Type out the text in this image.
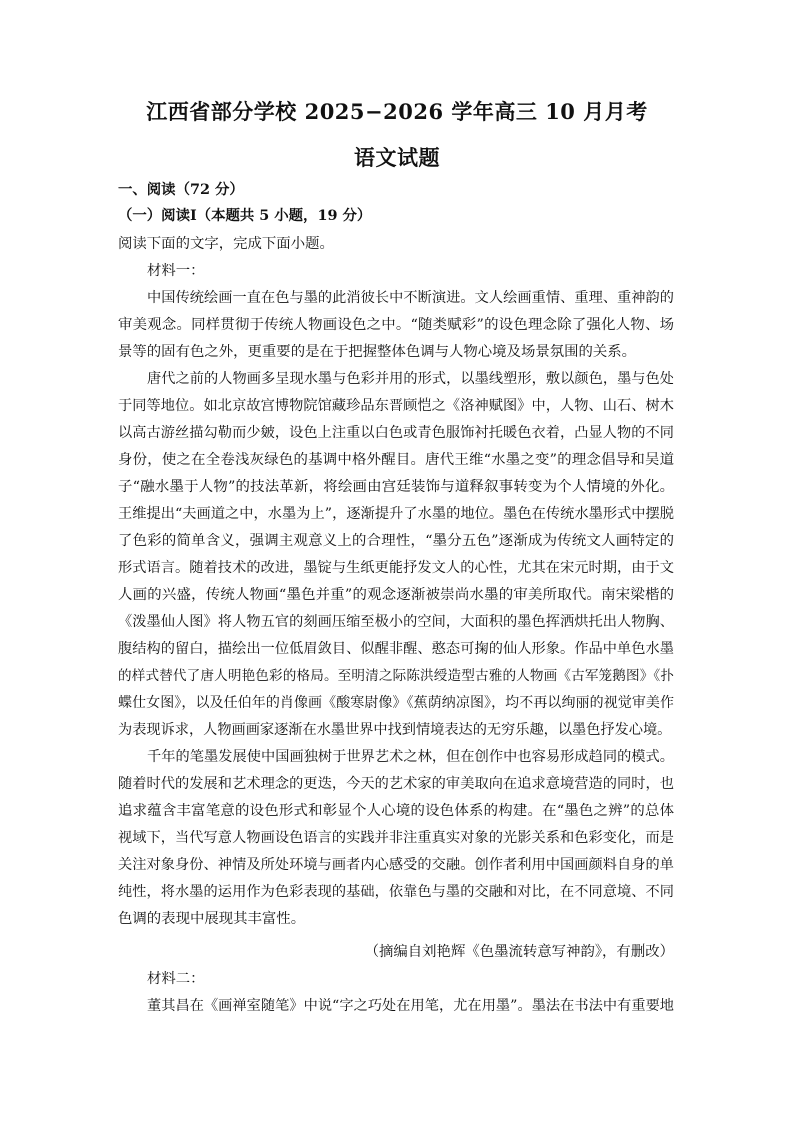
江西省部分学校 2025−2026 学年高三 10 月月考
语文试题
一、阅读（72 分）
（一）阅读Ⅰ（本题共 5 小题，19 分）
阅读下面的文字，完成下面小题。
材料一：
中国传统绘画一直在色与墨的此消彼长中不断演进。文人绘画重情、重理、重神韵的
审美观念。同样贯彻于传统人物画设色之中。“随类赋彩”的设色理念除了强化人物、场
景等的固有色之外，更重要的是在于把握整体色调与人物心境及场景氛围的关系。
唐代之前的人物画多呈现水墨与色彩并用的形式，以墨线塑形，敷以颜色，墨与色处
于同等地位。如北京故宫博物院馆藏珍品东晋顾恺之《洛神赋图》中，人物、山石、树木
以高古游丝描勾勒而少皴，设色上注重以白色或青色服饰衬托暖色衣着，凸显人物的不同
身份，使之在全卷浅灰绿色的基调中格外醒目。唐代王维“水墨之变”的理念倡导和吴道
子“融水墨于人物”的技法革新，将绘画由宫廷装饰与道释叙事转变为个人情境的外化。
王维提出“夫画道之中，水墨为上”，逐渐提升了水墨的地位。墨色在传统水墨形式中摆脱
了色彩的简单含义，强调主观意义上的合理性，“墨分五色”逐渐成为传统文人画特定的
形式语言。随着技术的改进，墨锭与生纸更能抒发文人的心性，尤其在宋元时期，由于文
人画的兴盛，传统人物画“墨色并重”的观念逐渐被崇尚水墨的审美所取代。南宋梁楷的
《泼墨仙人图》将人物五官的刻画压缩至极小的空间，大面积的墨色挥洒烘托出人物胸、
腹结构的留白，描绘出一位低眉敛目、似醒非醒、憨态可掬的仙人形象。作品中单色水墨
的样式替代了唐人明艳色彩的格局。至明清之际陈洪绶造型古雅的人物画《古军笼鹅图》《扑
蝶仕女图》，以及任伯年的肖像画《酸寒尉像》《蕉荫纳凉图》，均不再以绚丽的视觉审美作
为表现诉求，人物画画家逐渐在水墨世界中找到情境表达的无穷乐趣，以墨色抒发心境。
千年的笔墨发展使中国画独树于世界艺术之林，但在创作中也容易形成趋同的模式。
随着时代的发展和艺术理念的更迭，今天的艺术家的审美取向在追求意境营造的同时，也
追求蕴含丰富笔意的设色形式和彰显个人心境的设色体系的构建。在“墨色之辨”的总体
视域下，当代写意人物画设色语言的实践并非注重真实对象的光影关系和色彩变化，而是
关注对象身份、神情及所处环境与画者内心感受的交融。创作者利用中国画颜料自身的单
纯性，将水墨的运用作为色彩表现的基础，依靠色与墨的交融和对比，在不同意境、不同
色调的表现中展现其丰富性。
（摘编自刘艳辉《色墨流转意写神韵》，有删改）
材料二：
董其昌在《画禅室随笔》中说“字之巧处在用笔，尤在用墨”。墨法在书法中有重要地
